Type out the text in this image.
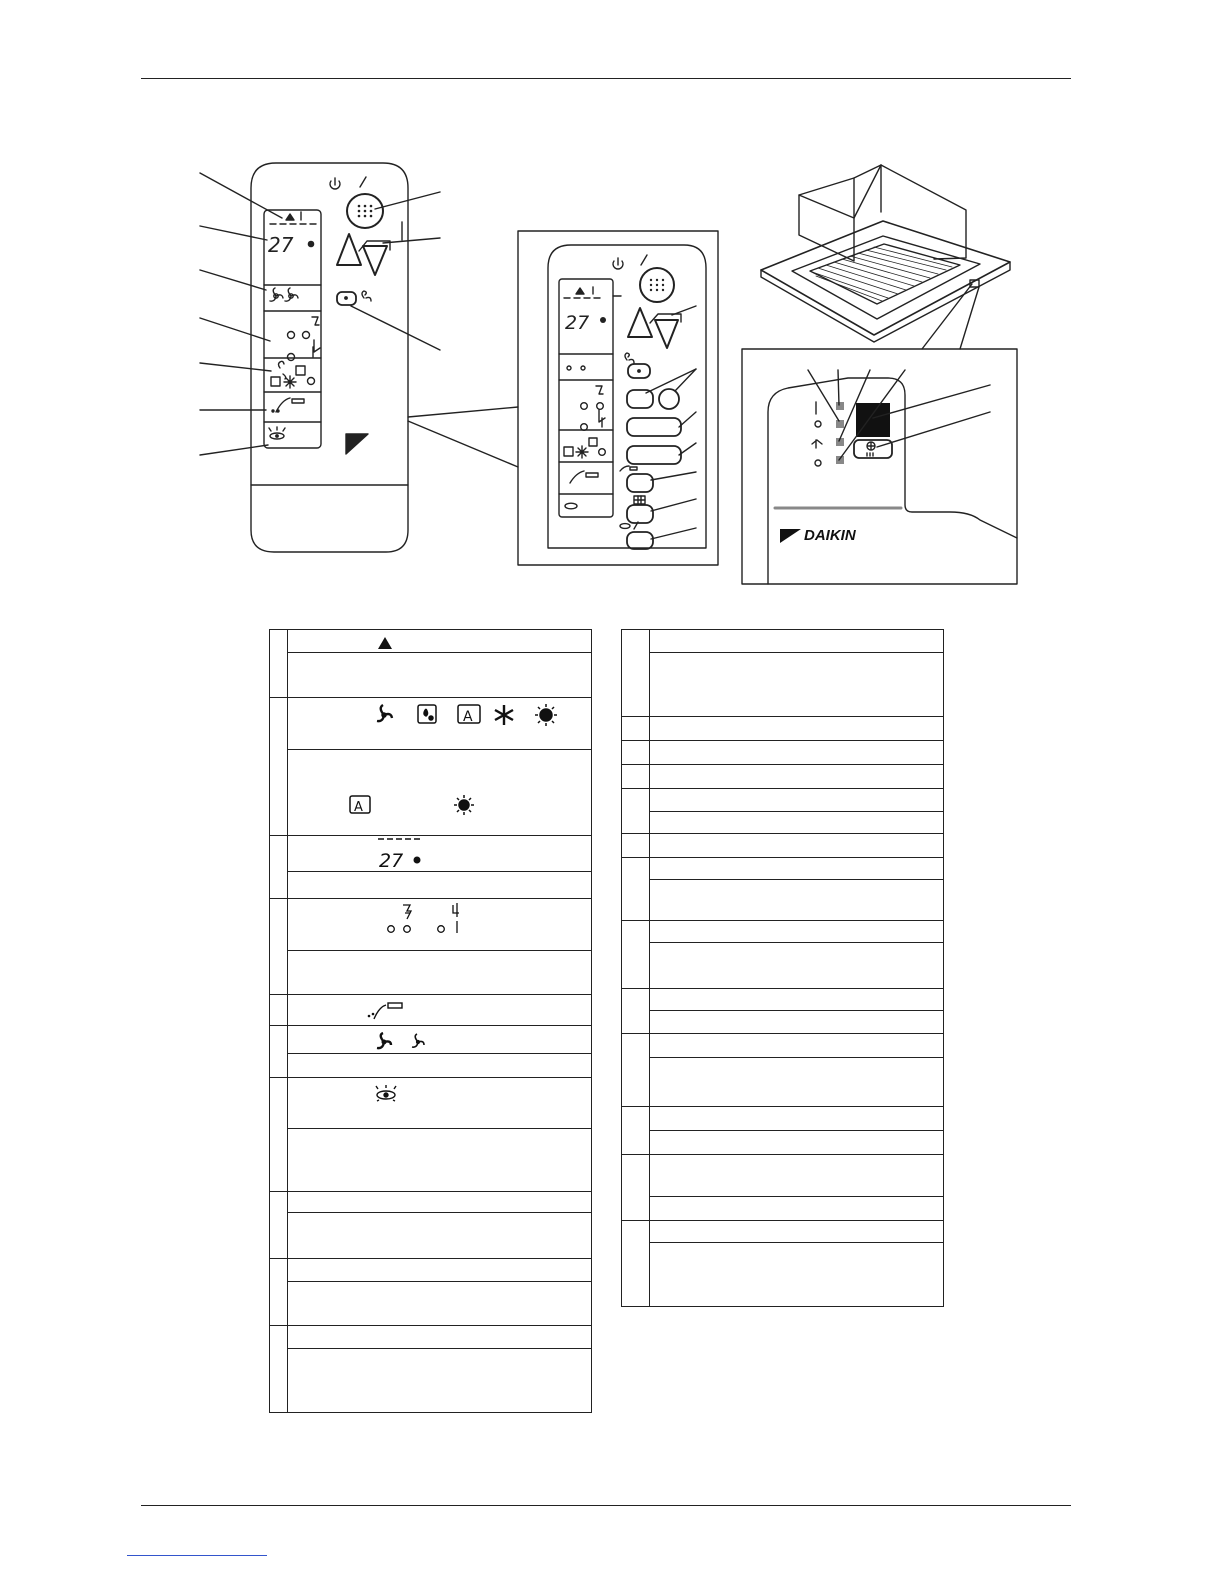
27
27
DAIKIN
A
A
27
